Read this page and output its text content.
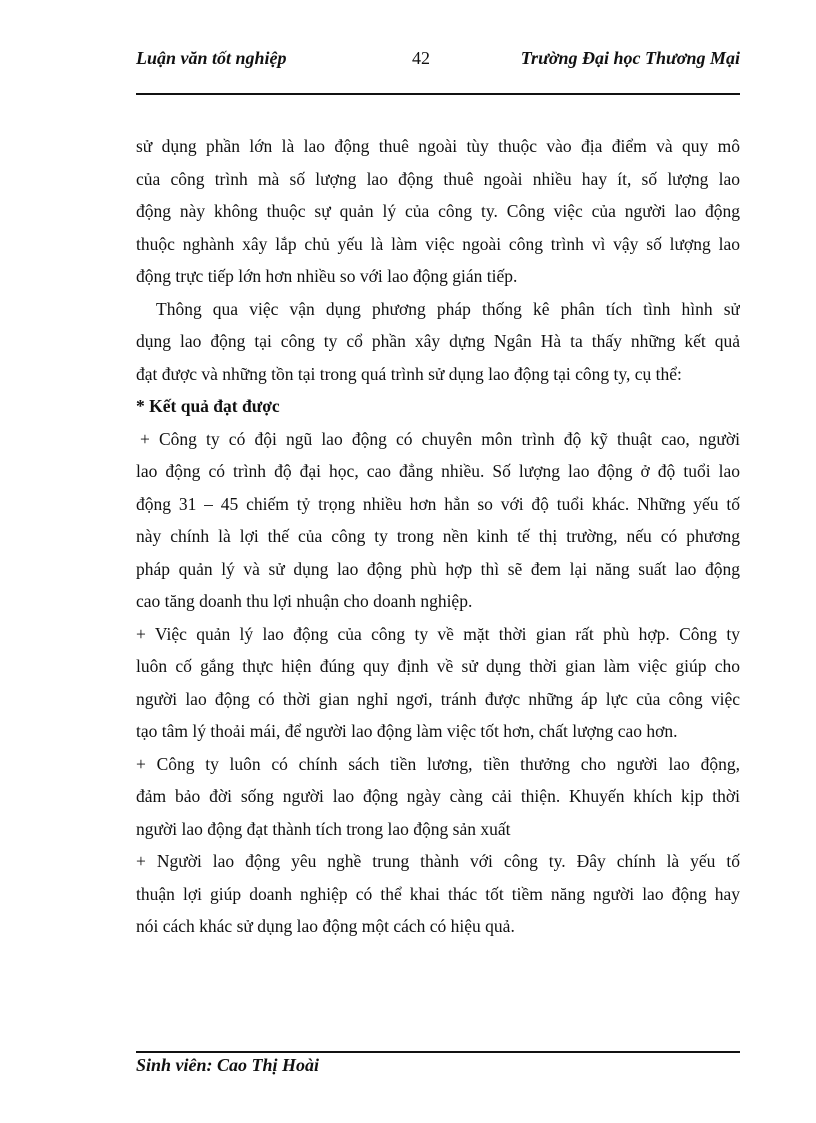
Luận văn tốt nghiệp	42	Trường Đại học Thương Mại
sử dụng phần lớn là lao động thuê ngoài tùy thuộc vào địa điểm và quy mô
của công trình mà số lượng lao động thuê ngoài nhiều hay ít, số lượng lao
động này không thuộc sự quản lý của công ty. Công việc của người lao động
thuộc nghành xây lắp chủ yếu là làm việc ngoài công trình vì vậy số lượng lao
động trực tiếp lớn hơn nhiều so với lao động gián tiếp.
Thông qua việc vận dụng phương pháp thống kê phân tích tình hình sử
dụng lao động tại công ty cổ phần xây dựng Ngân Hà ta thấy những kết quả
đạt được và những tồn tại trong quá trình sử dụng lao động tại công ty, cụ thể:
* Kết quả đạt được
+ Công ty có đội ngũ lao động có chuyên môn trình độ kỹ thuật cao, người
lao động có trình độ đại học, cao đẳng nhiều. Số lượng lao động ở độ tuổi lao
động 31 – 45 chiếm tỷ trọng nhiều hơn hẳn so với độ tuổi khác. Những yếu tố
này chính là lợi thế của công ty trong nền kinh tế thị trường, nếu có phương
pháp quản lý và sử dụng lao động phù hợp thì sẽ đem lại năng suất lao động
cao tăng doanh thu lợi nhuận cho doanh nghiệp.
+ Việc quản lý lao động của công ty về mặt thời gian rất phù hợp. Công ty
luôn cố gắng thực hiện đúng quy định về sử dụng thời gian làm việc giúp cho
người lao động có thời gian nghỉ ngơi, tránh được những áp lực của công việc
tạo tâm lý thoải mái, để người lao động làm việc tốt hơn, chất lượng cao hơn.
+ Công ty luôn có chính sách tiền lương, tiền thưởng cho người lao động,
đảm bảo đời sống người lao động ngày càng cải thiện. Khuyến khích kịp thời
người lao động đạt thành tích trong lao động sản xuất
+ Người lao động yêu nghề trung thành với công ty. Đây chính là yếu tố
thuận lợi giúp doanh nghiệp có thể khai thác tốt tiềm năng người lao động hay
nói cách khác sử dụng lao động một cách có hiệu quả.
Sinh viên: Cao Thị Hoài
